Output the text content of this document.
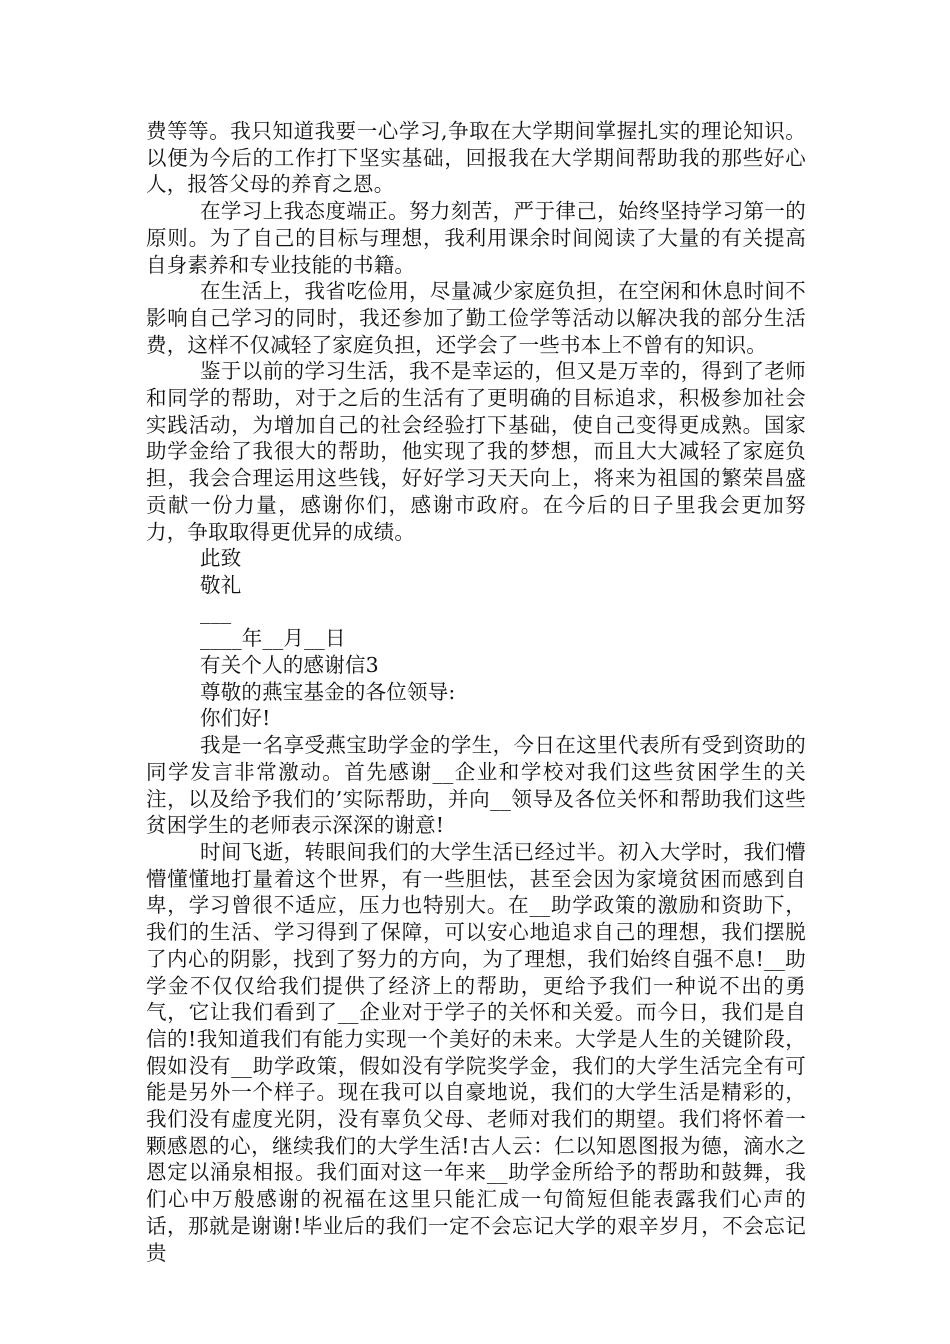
费等等。我只知道我要一心学习,争取在大学期间掌握扎实的理论知识。以便为今后的工作打下坚实基础，回报我在大学期间帮助我的那些好心人，报答父母的养育之恩。

在学习上我态度端正。努力刻苦，严于律己，始终坚持学习第一的原则。为了自己的目标与理想，我利用课余时间阅读了大量的有关提高自身素养和专业技能的书籍。

在生活上，我省吃俭用，尽量减少家庭负担，在空闲和休息时间不影响自己学习的同时，我还参加了勤工俭学等活动以解决我的部分生活费，这样不仅减轻了家庭负担，还学会了一些书本上不曾有的知识。

鉴于以前的学习生活，我不是幸运的，但又是万幸的，得到了老师和同学的帮助，对于之后的生活有了更明确的目标追求，积极参加社会实践活动，为增加自己的社会经验打下基础，使自己变得更成熟。国家助学金给了我很大的帮助，他实现了我的梦想，而且大大减轻了家庭负担，我会合理运用这些钱，好好学习天天向上，将来为祖国的繁荣昌盛贡献一份力量，感谢你们，感谢市政府。在今后的日子里我会更加努力，争取取得更优异的成绩。

此致

敬礼

___

____年__月__日

有关个人的感谢信3

尊敬的燕宝基金的各位领导:

你们好!

我是一名享受燕宝助学金的学生，今日在这里代表所有受到资助的同学发言非常激动。首先感谢__企业和学校对我们这些贫困学生的关注，以及给予我们的’实际帮助，并向__领导及各位关怀和帮助我们这些贫困学生的老师表示深深的谢意!

时间飞逝，转眼间我们的大学生活已经过半。初入大学时，我们懵懵懂懂地打量着这个世界，有一些胆怯，甚至会因为家境贫困而感到自卑，学习曾很不适应，压力也特别大。在__助学政策的激励和资助下，我们的生活、学习得到了保障，可以安心地追求自己的理想，我们摆脱了内心的阴影，找到了努力的方向，为了理想，我们始终自强不息!__助学金不仅仅给我们提供了经济上的帮助，更给予我们一种说不出的勇气，它让我们看到了__企业对于学子的关怀和关爱。而今日，我们是自信的!我知道我们有能力实现一个美好的未来。大学是人生的关键阶段，假如没有__助学政策，假如没有学院奖学金，我们的大学生活完全有可能是另外一个样子。现在我可以自豪地说，我们的大学生活是精彩的，我们没有虚度光阴，没有辜负父母、老师对我们的期望。我们将怀着一颗感恩的心，继续我们的大学生活!古人云：仁以知恩图报为德，滴水之恩定以涌泉相报。我们面对这一年来__助学金所给予的帮助和鼓舞，我们心中万般感谢的祝福在这里只能汇成一句简短但能表露我们心声的话，那就是谢谢!毕业后的我们一定不会忘记大学的艰辛岁月，不会忘记贵
